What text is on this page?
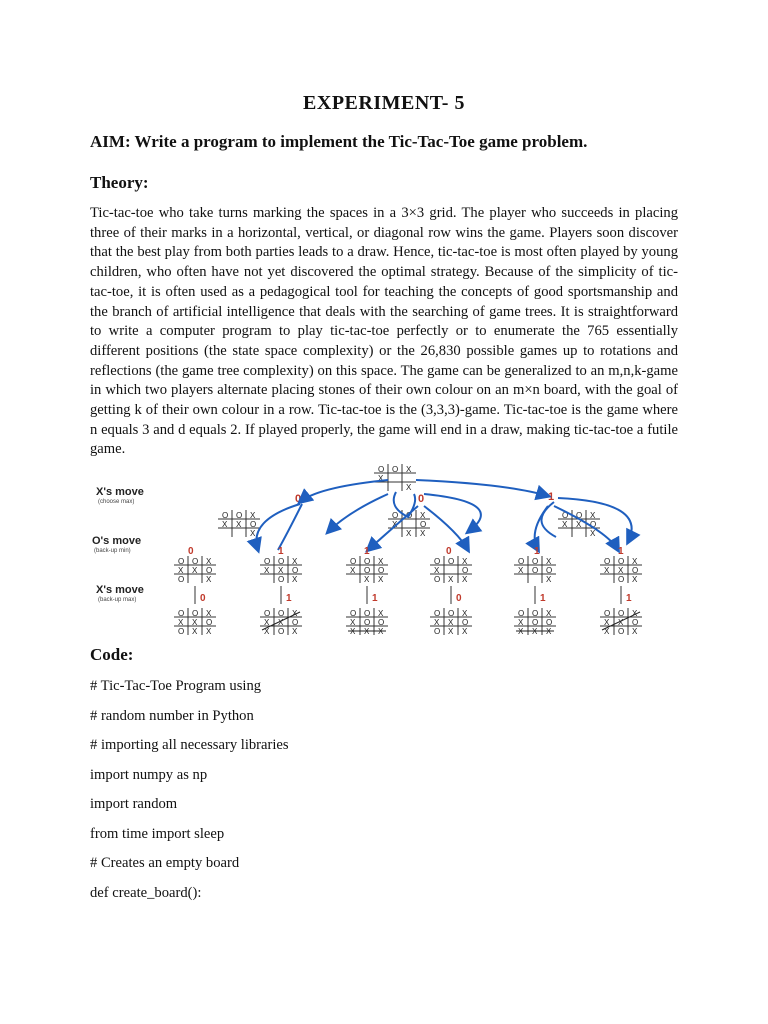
EXPERIMENT- 5
AIM: Write a program to implement the Tic-Tac-Toe game problem.
Theory:

Tic-tac-toe who take turns marking the spaces in a 3×3 grid. The player who succeeds in placing three of their marks in a horizontal, vertical, or diagonal row wins the game. Players soon discover that the best play from both parties leads to a draw. Hence, tic-tac-toe is most often played by young children, who often have not yet discovered the optimal strategy. Because of the simplicity of tic-tac-toe, it is often used as a pedagogical tool for teaching the concepts of good sportsmanship and the branch of artificial intelligence that deals with the searching of game trees. It is straightforward to write a computer program to play tic-tac-toe perfectly or to enumerate the 765 essentially different positions (the state space complexity) or the 26,830 possible games up to rotations and reflections (the game tree complexity) on this space. The game can be generalized to an m,n,k-game in which two players alternate placing stones of their own colour on an m×n board, with the goal of getting k of their own colour in a row. Tic-tac-toe is the (3,3,3)-game. Tic-tac-toe is the game where n equals 3 and d equals 2. If played properly, the game will end in a draw, making tic-tac-toe a futile game.

X's move
(choose max)
O's move
(back-up min)
X's move
(back-up max)
O O X
X
X
O O X
X X O
X
O O X
X	O
X X
O O X
X X O
X
0	0	1
0	1	1	0	1	1
O O X
X X O
O	X
O O X
X X O
O X
O O X
X O O
X X
O O X
X	O
O X X
O O X
X O O
X
O O X
X X O
O X
0	1	1	0	1	1
O O X
X X O
O X X
O O X
X X O
X O X
O O X
X O O
X X X
O O X
X X O
O X X
O O X
X O O
X X X
O O X
X X O
X O X
Code:
# Tic-Tac-Toe Program using
# random number in Python
# importing all necessary libraries
import numpy as np
import random
from time import sleep
# Creates an empty board
def create_board():
